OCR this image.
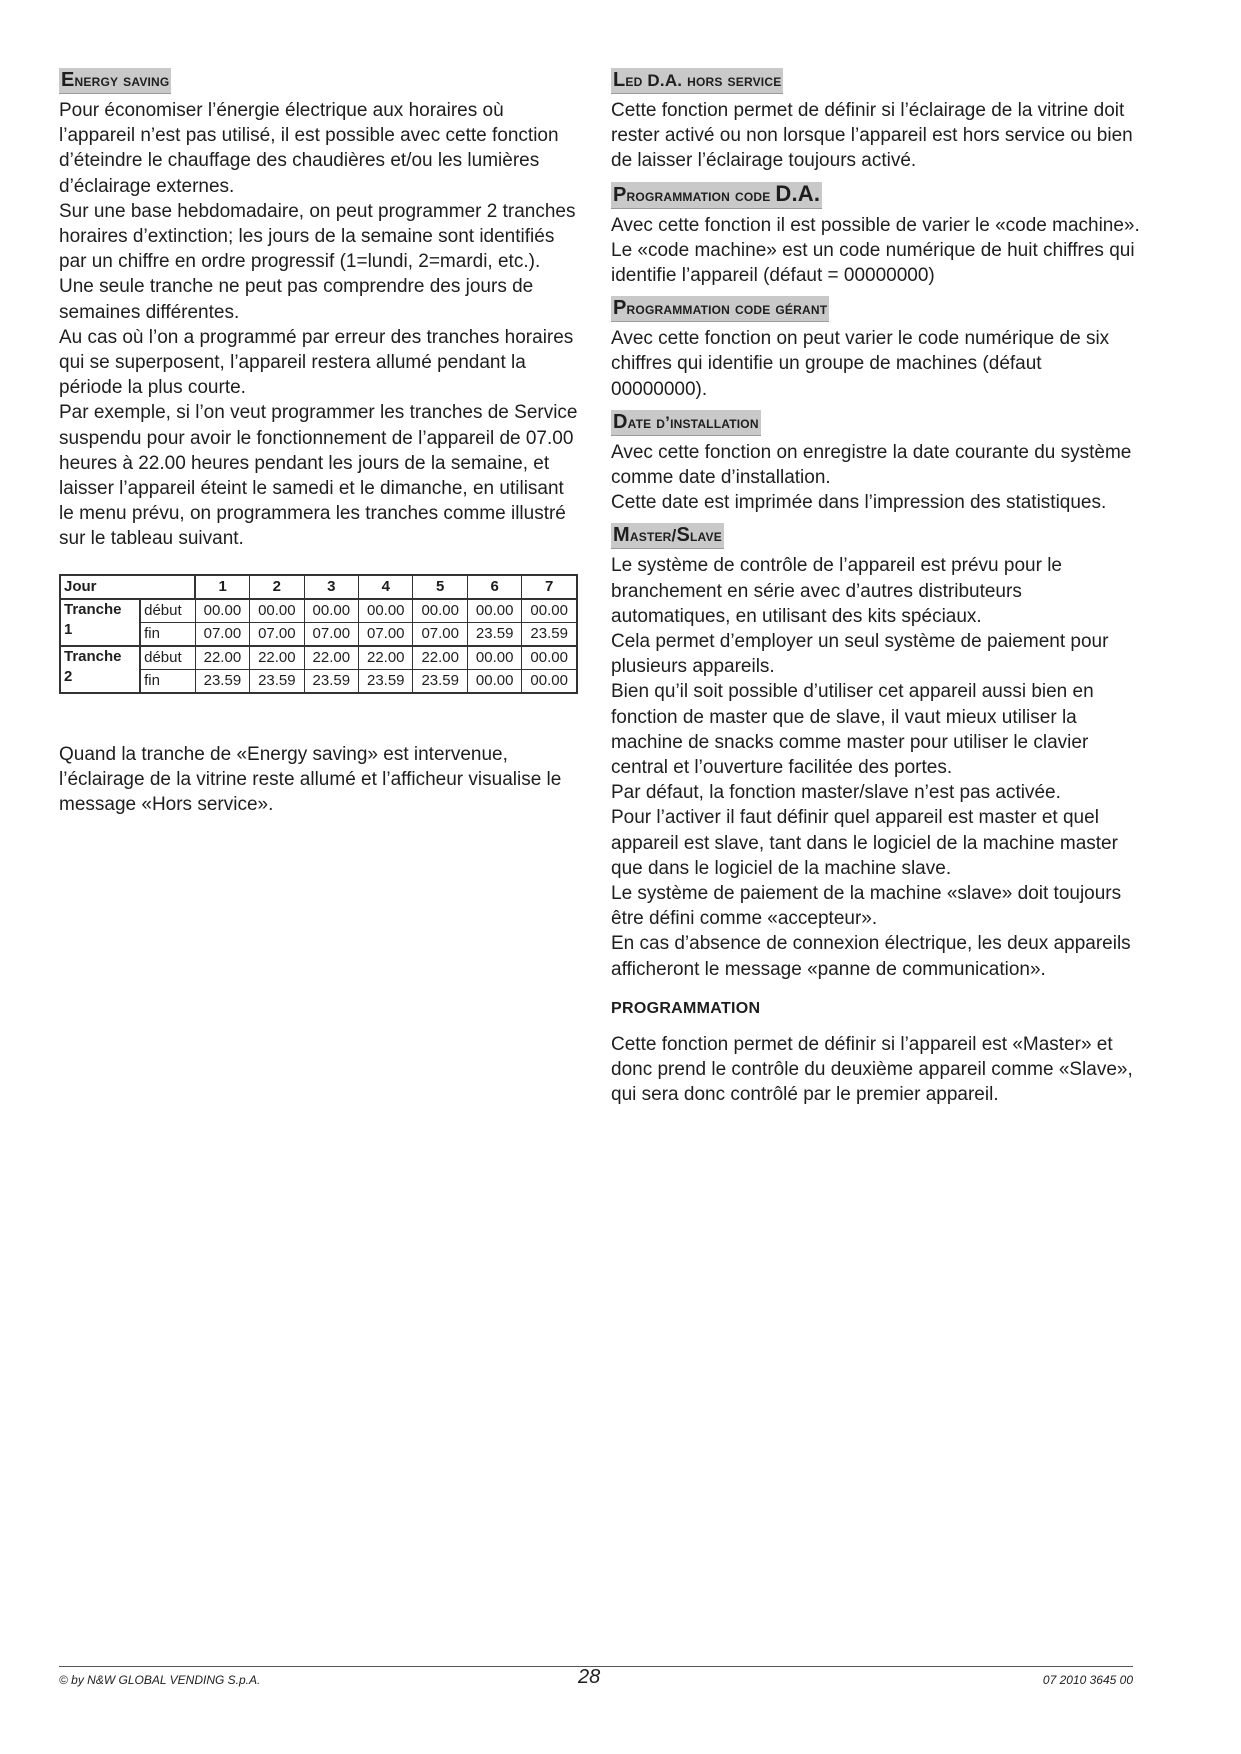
Energy saving

Pour économiser l’énergie électrique aux horaires où l’appareil n’est pas utilisé, il est possible avec cette fonction d’éteindre le chauffage des chaudières et/ou les lumières d’éclairage externes.

Sur une base hebdomadaire, on peut programmer 2 tranches horaires d’extinction; les jours de la semaine sont identifiés par un chiffre en ordre progressif (1=lundi, 2=mardi, etc.).

Une seule tranche ne peut pas comprendre des jours de semaines différentes.

Au cas où l’on a programmé par erreur des tranches horaires qui se superposent, l’appareil restera allumé pendant la période la plus courte.

Par exemple, si l’on veut programmer les tranches de Service suspendu pour avoir le fonctionnement de l’appareil de 07.00 heures à 22.00 heures pendant les jours de la semaine, et laisser l’appareil éteint le samedi et le dimanche, en utilisant le menu prévu, on programmera les tranches comme illustré sur le tableau suivant.

Jour		1	2	3	4	5	6	7
Tranche
1	début	00.00	00.00	00.00	00.00	00.00	00.00	00.00
	fin	07.00	07.00	07.00	07.00	07.00	23.59	23.59
Tranche
2	début	22.00	22.00	22.00	22.00	22.00	00.00	00.00
	fin	23.59	23.59	23.59	23.59	23.59	00.00	00.00

Quand la tranche de «Energy saving» est intervenue, l’éclairage de la vitrine reste allumé et l’afficheur visualise le message «Hors service».

Led D.A. hors service

Cette fonction permet de définir si l’éclairage de la vitrine doit rester activé ou non lorsque l’appareil est hors service ou bien de laisser l’éclairage toujours activé.

Programmation code D.A.

Avec cette fonction il est possible de varier le «code machine».

Le «code machine» est un code numérique de huit chiffres qui identifie l’appareil (défaut = 00000000)

Programmation code gérant

Avec cette fonction on peut varier le code numérique de six chiffres qui identifie un groupe de machines (défaut 00000000).

Date d’installation

Avec cette fonction on enregistre la date courante du système comme date d’installation.

Cette date est imprimée dans l’impression des statistiques.

Master/Slave

Le système de contrôle de l’appareil est prévu pour le branchement en série avec d’autres distributeurs automatiques, en utilisant des kits spéciaux.

Cela permet d’employer un seul système de paiement pour plusieurs appareils.

Bien qu’il soit possible d’utiliser cet appareil aussi bien en fonction de master que de slave, il vaut mieux utiliser la machine de snacks comme master pour utiliser le clavier central et l’ouverture facilitée des portes.

Par défaut, la fonction master/slave n’est pas activée.

Pour l’activer il faut définir quel appareil est master et quel appareil est slave, tant dans le logiciel de la machine master que dans le logiciel de la machine slave.

Le système de paiement de la machine «slave» doit toujours être défini comme «accepteur».

En cas d’absence de connexion électrique, les deux appareils afficheront le message «panne de communication».

PROGRAMMATION

Cette fonction permet de définir si l’appareil est «Master» et donc prend le contrôle du deuxième appareil comme «Slave», qui sera donc contrôlé par le premier appareil.

© by N&W GLOBAL VENDING S.p.A.	28	07 2010 3645 00
